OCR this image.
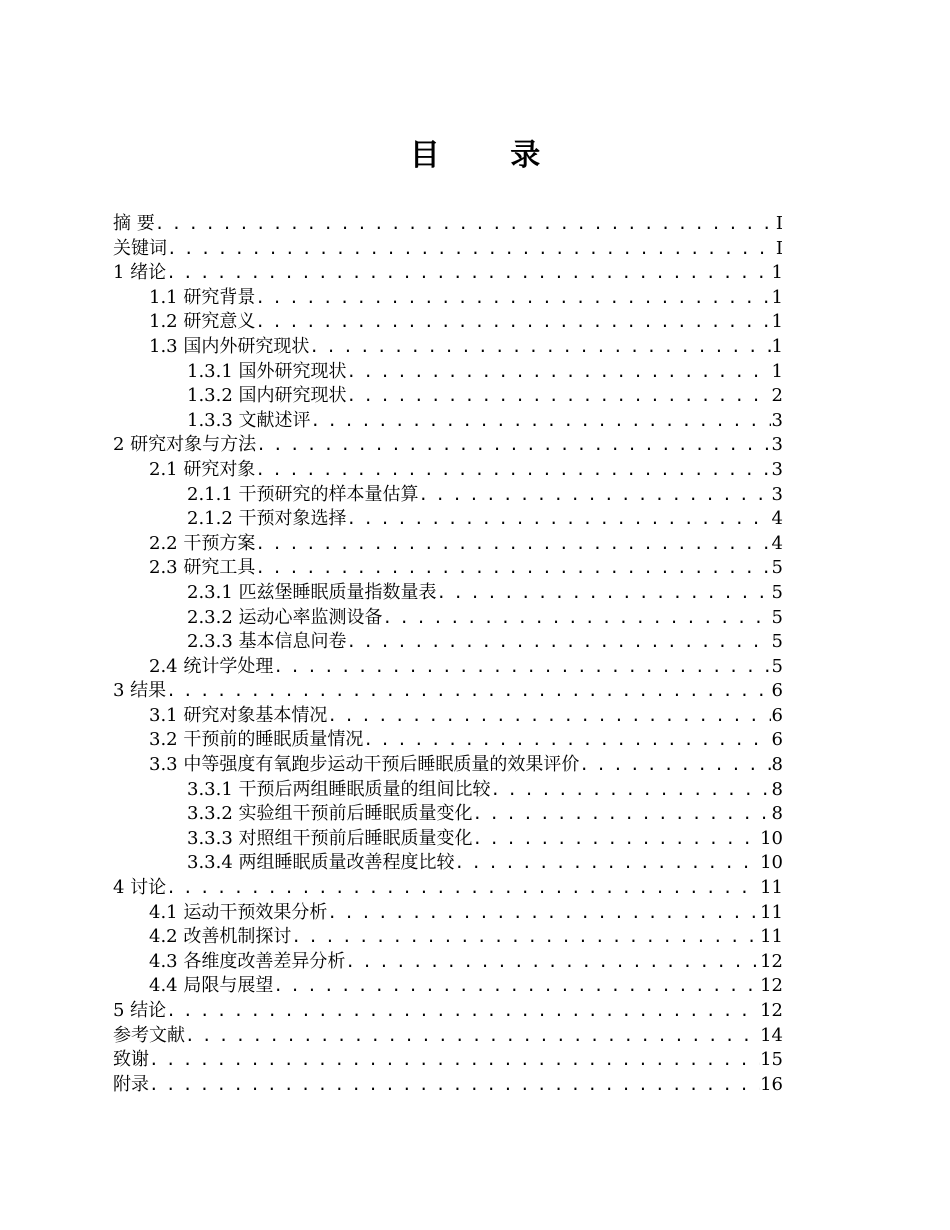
目 录
摘 要 . . .	I
关键词 . . .	I
1 绪论 . . .	1
1.1 研究背景 . . .	1
1.2 研究意义 . . .	1
1.3 国内外研究现状 . . .	1
1.3.1 国外研究现状 . . .	1
1.3.2 国内研究现状 . . .	2
1.3.3 文献述评 . . .	3
2 研究对象与方法 . . .	3
2.1 研究对象 . . .	3
2.1.1 干预研究的样本量估算 . . .	3
2.1.2 干预对象选择 . . .	4
2.2 干预方案 . . .	4
2.3 研究工具 . . .	5
2.3.1 匹兹堡睡眠质量指数量表 . . .	5
2.3.2 运动心率监测设备 . . .	5
2.3.3 基本信息问卷 . . .	5
2.4 统计学处理 . . .	5
3 结果 . . .	6
3.1 研究对象基本情况 . . .	6
3.2 干预前的睡眠质量情况 . . .	6
3.3 中等强度有氧跑步运动干预后睡眠质量的效果评价 . . .	8
3.3.1 干预后两组睡眠质量的组间比较 . . .	8
3.3.2 实验组干预前后睡眠质量变化 . . .	8
3.3.3 对照组干预前后睡眠质量变化 . . .	10
3.3.4 两组睡眠质量改善程度比较 . . .	10
4 讨论 . . .	11
4.1 运动干预效果分析 . . .	11
4.2 改善机制探讨 . . .	11
4.3 各维度改善差异分析 . . .	12
4.4 局限与展望 . . .	12
5 结论 . . .	12
参考文献 . . .	14
致谢 . . .	15
附录 . . .	16
